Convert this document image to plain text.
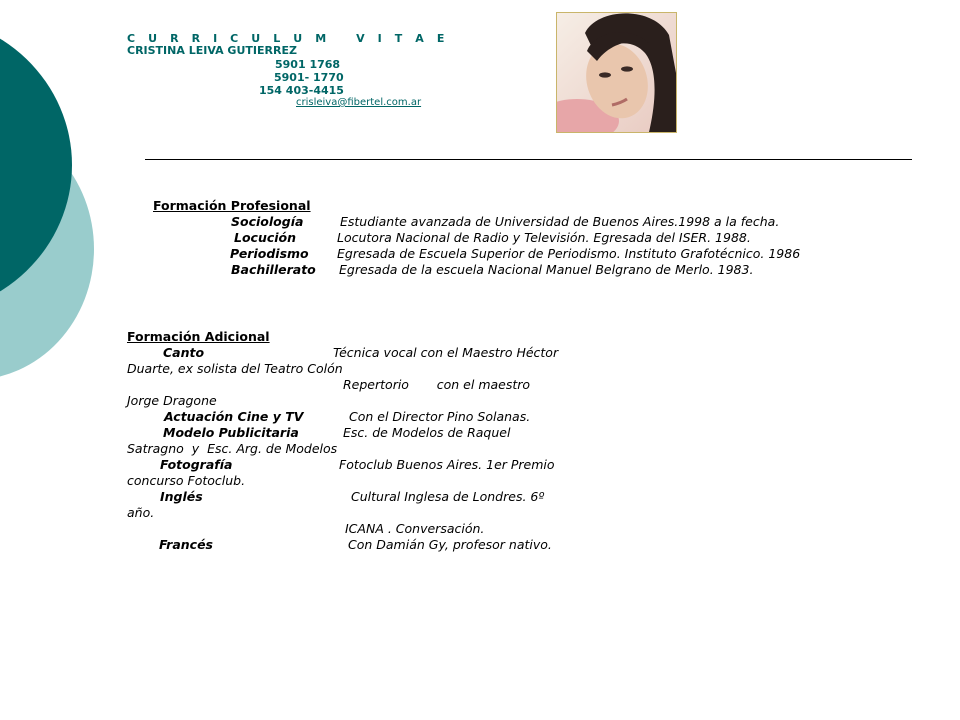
C U R R I C U L U M   V I T A E
CRISTINA LEIVA GUTIERREZ
5901 1768
5901- 1770
154 403-4415
crisleiva@fibertel.com.ar
Formación Profesional
Sociología	Estudiante avanzada de Universidad de Buenos Aires.1998 a la fecha.
Locución	Locutora Nacional de Radio y Televisión. Egresada del ISER. 1988.
Periodismo Egresada de Escuela Superior de Periodismo. Instituto Grafotécnico. 1986
Bachillerato Egresada de la escuela Nacional Manuel Belgrano de Merlo. 1983.
Formación Adicional
Canto	Técnica vocal con el Maestro Héctor
Duarte, ex solista del Teatro Colón
Repertorio       con el maestro
Jorge Dragone
Actuación Cine y TV	Con el Director Pino Solanas.
Modelo Publicitaria	Esc. de Modelos de Raquel
Satragno  y  Esc. Arg. de Modelos
Fotografía	Fotoclub Buenos Aires. 1er Premio
concurso Fotoclub.
Inglés	Cultural Inglesa de Londres. 6º
año.
ICANA . Conversación.
Francés	Con Damián Gy, profesor nativo.
